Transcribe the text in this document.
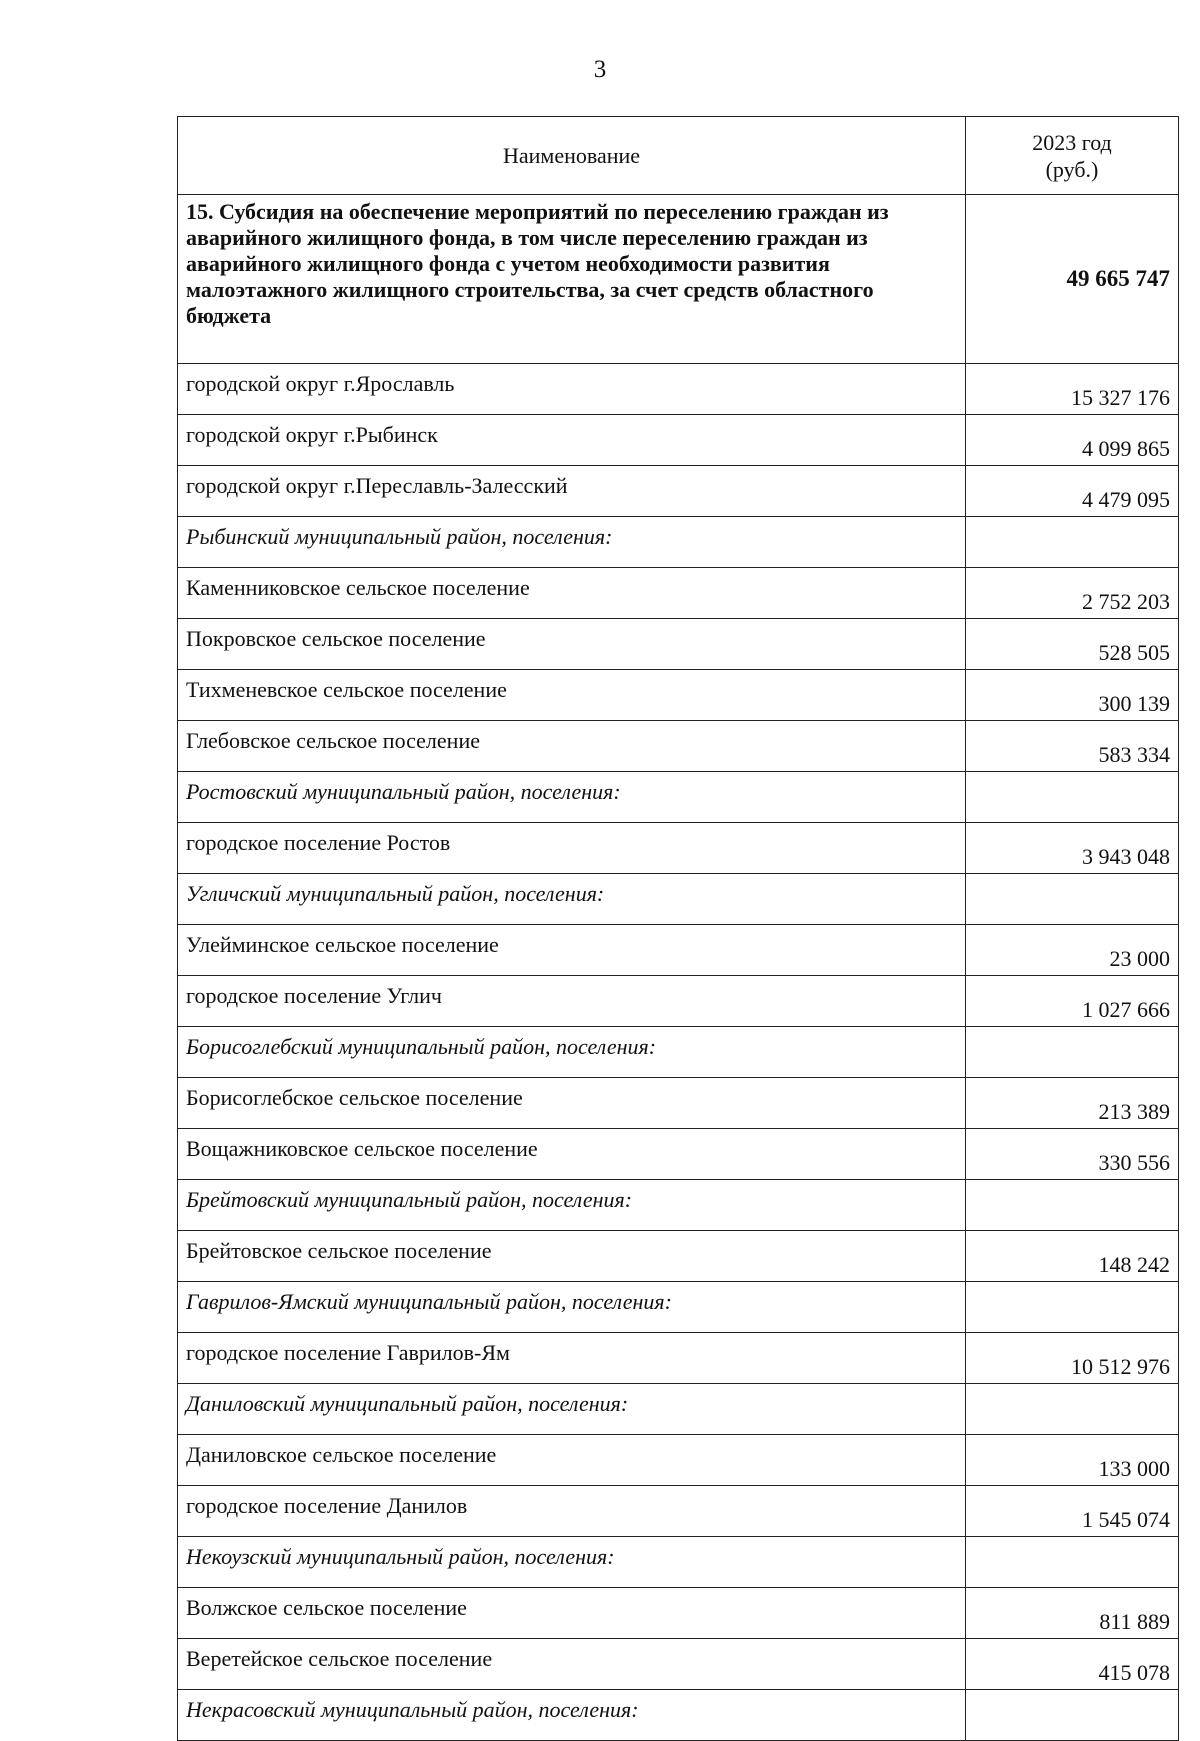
3
Наименование	2023 год
(руб.)
15. Субсидия на обеспечение мероприятий по переселению граждан из аварийного жилищного фонда, в том числе переселению граждан из аварийного жилищного фонда с учетом необходимости развития малоэтажного жилищного строительства, за счет средств областного бюджета	49 665 747
городской округ г.Ярославль	15 327 176
городской округ г.Рыбинск	4 099 865
городской округ г.Переславль-Залесский	4 479 095
Рыбинский муниципальный район, поселения:	
Каменниковское сельское поселение	2 752 203
Покровское сельское поселение	528 505
Тихменевское сельское поселение	300 139
Глебовское сельское поселение	583 334
Ростовский муниципальный район, поселения:	
городское поселение Ростов	3 943 048
Угличский муниципальный район, поселения:	
Улейминское сельское поселение	23 000
городское поселение Углич	1 027 666
Борисоглебский муниципальный район, поселения:	
Борисоглебское сельское поселение	213 389
Вощажниковское сельское поселение	330 556
Брейтовский муниципальный район, поселения:	
Брейтовское сельское поселение	148 242
Гаврилов-Ямский муниципальный район, поселения:	
городское поселение Гаврилов-Ям	10 512 976
Даниловский муниципальный район, поселения:	
Даниловское сельское поселение	133 000
городское поселение Данилов	1 545 074
Некоузский муниципальный район, поселения:	
Волжское сельское поселение	811 889
Веретейское сельское поселение	415 078
Некрасовский муниципальный район, поселения:	
